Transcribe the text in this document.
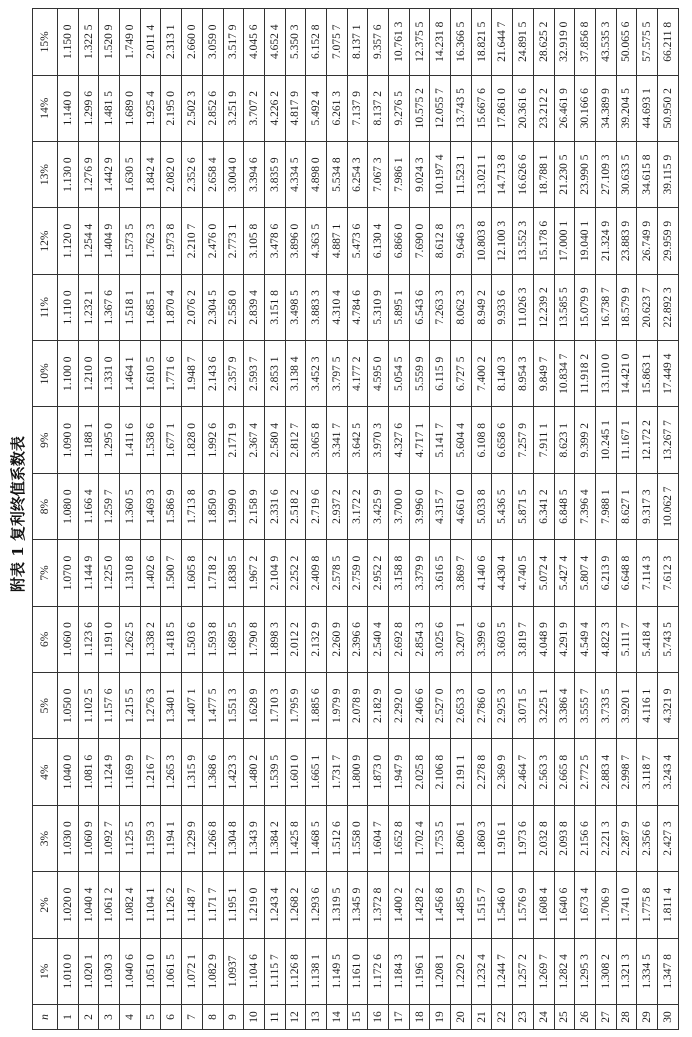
附表 1 复利终值系数表
n	1%	2%	3%	4%	5%	6%	7%	8%	9%	10%	11%	12%	13%	14%	15%
1	1.010 0	1.020 0	1.030 0	1.040 0	1.050 0	1.060 0	1.070 0	1.080 0	1.090 0	1.100 0	1.110 0	1.120 0	1.130 0	1.140 0	1.150 0
2	1.020 1	1.040 4	1.060 9	1.081 6	1.102 5	1.123 6	1.144 9	1.166 4	1.188 1	1.210 0	1.232 1	1.254 4	1.276 9	1.299 6	1.322 5
3	1.030 3	1.061 2	1.092 7	1.124 9	1.157 6	1.191 0	1.225 0	1.259 7	1.295 0	1.331 0	1.367 6	1.404 9	1.442 9	1.481 5	1.520 9
4	1.040 6	1.082 4	1.125 5	1.169 9	1.215 5	1.262 5	1.310 8	1.360 5	1.411 6	1.464 1	1.518 1	1.573 5	1.630 5	1.689 0	1.749 0
5	1.051 0	1.104 1	1.159 3	1.216 7	1.276 3	1.338 2	1.402 6	1.469 3	1.538 6	1.610 5	1.685 1	1.762 3	1.842 4	1.925 4	2.011 4
6	1.061 5	1.126 2	1.194 1	1.265 3	1.340 1	1.418 5	1.500 7	1.586 9	1.677 1	1.771 6	1.870 4	1.973 8	2.082 0	2.195 0	2.313 1
7	1.072 1	1.148 7	1.229 9	1.315 9	1.407 1	1.503 6	1.605 8	1.713 8	1.828 0	1.948 7	2.076 2	2.210 7	2.352 6	2.502 3	2.660 0
8	1.082 9	1.171 7	1.266 8	1.368 6	1.477 5	1.593 8	1.718 2	1.850 9	1.992 6	2.143 6	2.304 5	2.476 0	2.658 4	2.852 6	3.059 0
9	1.0937	1.195 1	1.304 8	1.423 3	1.551 3	1.689 5	1.838 5	1.999 0	2.171 9	2.357 9	2.558 0	2.773 1	3.004 0	3.251 9	3.517 9
10	1.104 6	1.219 0	1.343 9	1.480 2	1.628 9	1.790 8	1.967 2	2.158 9	2.367 4	2.593 7	2.839 4	3.105 8	3.394 6	3.707 2	4.045 6
11	1.115 7	1.243 4	1.384 2	1.539 5	1.710 3	1.898 3	2.104 9	2.331 6	2.580 4	2.853 1	3.151 8	3.478 6	3.835 9	4.226 2	4.652 4
12	1.126 8	1.268 2	1.425 8	1.601 0	1.795 9	2.012 2	2.252 2	2.518 2	2.812 7	3.138 4	3.498 5	3.896 0	4.334 5	4.817 9	5.350 3
13	1.138 1	1.293 6	1.468 5	1.665 1	1.885 6	2.132 9	2.409 8	2.719 6	3.065 8	3.452 3	3.883 3	4.363 5	4.898 0	5.492 4	6.152 8
14	1.149 5	1.319 5	1.512 6	1.731 7	1.979 9	2.260 9	2.578 5	2.937 2	3.341 7	3.797 5	4.310 4	4.887 1	5.534 8	6.261 3	7.075 7
15	1.161 0	1.345 9	1.558 0	1.800 9	2.078 9	2.396 6	2.759 0	3.172 2	3.642 5	4.177 2	4.784 6	5.473 6	6.254 3	7.137 9	8.137 1
16	1.172 6	1.372 8	1.604 7	1.873 0	2.182 9	2.540 4	2.952 2	3.425 9	3.970 3	4.595 0	5.310 9	6.130 4	7.067 3	8.137 2	9.357 6
17	1.184 3	1.400 2	1.652 8	1.947 9	2.292 0	2.692 8	3.158 8	3.700 0	4.327 6	5.054 5	5.895 1	6.866 0	7.986 1	9.276 5	10.761 3
18	1.196 1	1.428 2	1.702 4	2.025 8	2.406 6	2.854 3	3.379 9	3.996 0	4.717 1	5.559 9	6.543 6	7.690 0	9.024 3	10.575 2	12.375 5
19	1.208 1	1.456 8	1.753 5	2.106 8	2.527 0	3.025 6	3.616 5	4.315 7	5.141 7	6.115 9	7.263 3	8.612 8	10.197 4	12.055 7	14.231 8
20	1.220 2	1.485 9	1.806 1	2.191 1	2.653 3	3.207 1	3.869 7	4.661 0	5.604 4	6.727 5	8.062 3	9.646 3	11.523 1	13.743 5	16.366 5
21	1.232 4	1.515 7	1.860 3	2.278 8	2.786 0	3.399 6	4.140 6	5.033 8	6.108 8	7.400 2	8.949 2	10.803 8	13.021 1	15.667 6	18.821 5
22	1.244 7	1.546 0	1.916 1	2.369 9	2.925 3	3.603 5	4.430 4	5.436 5	6.658 6	8.140 3	9.933 6	12.100 3	14.713 8	17.861 0	21.644 7
23	1.257 2	1.576 9	1.973 6	2.464 7	3.071 5	3.819 7	4.740 5	5.871 5	7.257 9	8.954 3	11.026 3	13.552 3	16.626 6	20.361 6	24.891 5
24	1.269 7	1.608 4	2.032 8	2.563 3	3.225 1	4.048 9	5.072 4	6.341 2	7.911 1	9.849 7	12.239 2	15.178 6	18.788 1	23.212 2	28.625 2
25	1.282 4	1.640 6	2.093 8	2.665 8	3.386 4	4.291 9	5.427 4	6.848 5	8.623 1	10.834 7	13.585 5	17.000 1	21.230 5	26.461 9	32.919 0
26	1.295 3	1.673 4	2.156 6	2.772 5	3.555 7	4.549 4	5.807 4	7.396 4	9.399 2	11.918 2	15.079 9	19.040 1	23.990 5	30.166 6	37.856 8
27	1.308 2	1.706 9	2.221 3	2.883 4	3.733 5	4.822 3	6.213 9	7.988 1	10.245 1	13.110 0	16.738 7	21.324 9	27.109 3	34.389 9	43.535 3
28	1.321 3	1.741 0	2.287 9	2.998 7	3.920 1	5.111 7	6.648 8	8.627 1	11.167 1	14.421 0	18.579 9	23.883 9	30.633 5	39.204 5	50.065 6
29	1.334 5	1.775 8	2.356 6	3.118 7	4.116 1	5.418 4	7.114 3	9.317 3	12.172 2	15.863 1	20.623 7	26.749 9	34.615 8	44.693 1	57.575 5
30	1.347 8	1.811 4	2.427 3	3.243 4	4.321 9	5.743 5	7.612 3	10.062 7	13.267 7	17.449 4	22.892 3	29.959 9	39.115 9	50.950 2	66.211 8
